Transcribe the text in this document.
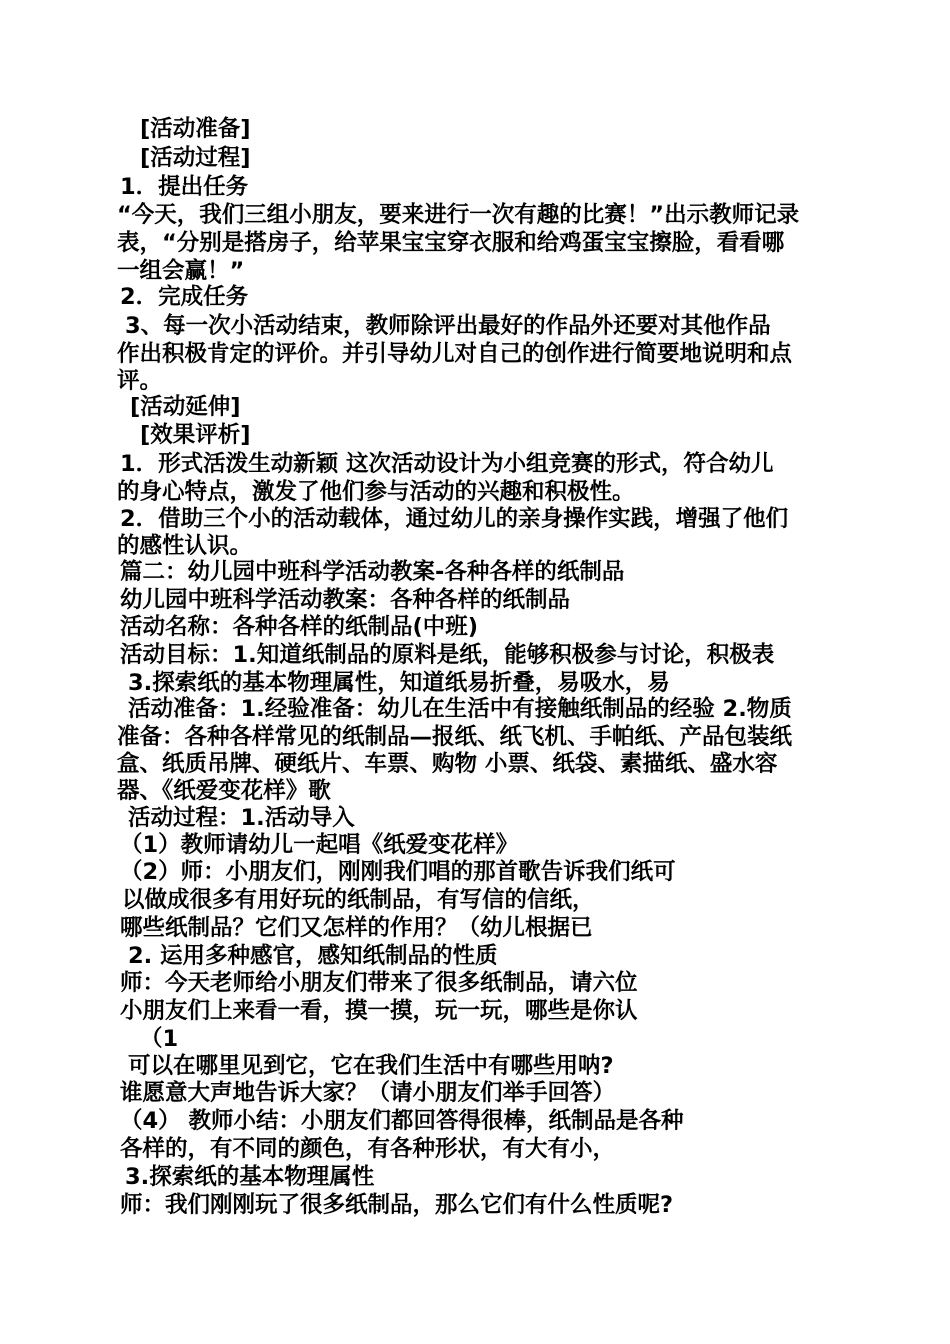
[活动准备]

[活动过程]

1．提出任务

“今天，我们三组小朋友，要来进行一次有趣的比赛！”出示教师记录

表，“分别是搭房子，给苹果宝宝穿衣服和给鸡蛋宝宝擦脸，看看哪

一组会赢！”

2．完成任务

3、每一次小活动结束，教师除评出最好的作品外还要对其他作品

作出积极肯定的评价。并引导幼儿对自己的创作进行简要地说明和点

评。

[活动延伸]

[效果评析]

1．形式活泼生动新颖 这次活动设计为小组竞赛的形式，符合幼儿

的身心特点，激发了他们参与活动的兴趣和积极性。

2．借助三个小的活动载体，通过幼儿的亲身操作实践，增强了他们

的感性认识。

篇二：幼儿园中班科学活动教案-各种各样的纸制品

幼儿园中班科学活动教案：各种各样的纸制品

活动名称：各种各样的纸制品(中班)

活动目标：1.知道纸制品的原料是纸，能够积极参与讨论，积极表

3.探索纸的基本物理属性，知道纸易折叠，易吸水，易

活动准备：1.经验准备：幼儿在生活中有接触纸制品的经验 2.物质

准备：各种各样常见的纸制品—报纸、纸飞机、手帕纸、产品包装纸

盒、纸质吊牌、硬纸片、车票、购物 小票、纸袋、素描纸、盛水容

器、《纸爱变花样》歌

活动过程：1.活动导入

（1）教师请幼儿一起唱《纸爱变花样》

（2）师：小朋友们，刚刚我们唱的那首歌告诉我们纸可

以做成很多有用好玩的纸制品，有写信的信纸，

哪些纸制品？它们又怎样的作用？（幼儿根据已

2. 运用多种感官，感知纸制品的性质

师：今天老师给小朋友们带来了很多纸制品，请六位

小朋友们上来看一看，摸一摸，玩一玩，哪些是你认

（1

可以在哪里见到它，它在我们生活中有哪些用呐?

谁愿意大声地告诉大家？（请小朋友们举手回答）

（4） 教师小结：小朋友们都回答得很棒，纸制品是各种

各样的，有不同的颜色，有各种形状，有大有小，

3.探索纸的基本物理属性

师：我们刚刚玩了很多纸制品，那么它们有什么性质呢?
